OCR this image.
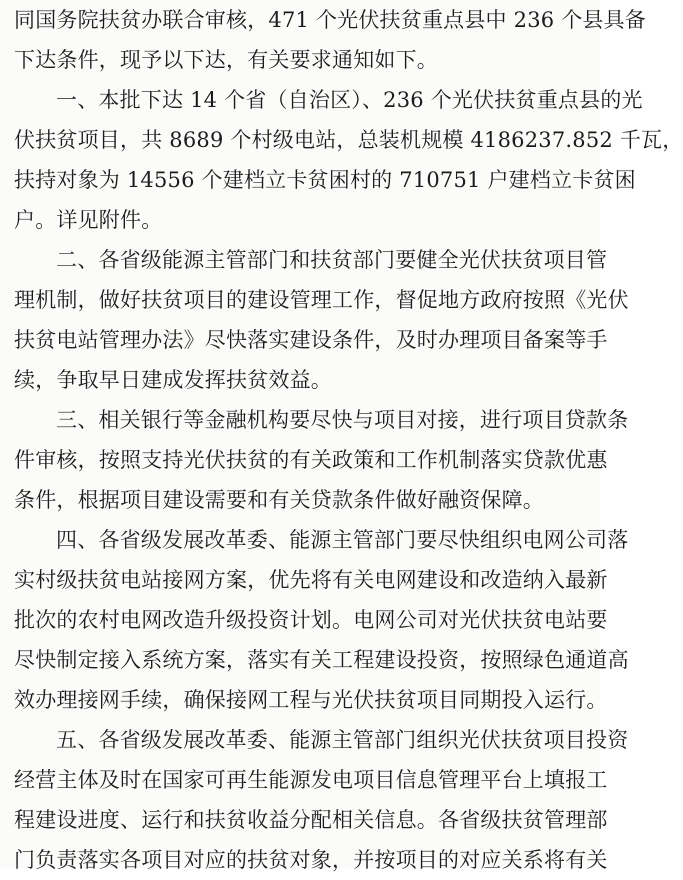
同国务院扶贫办联合审核，471 个光伏扶贫重点县中 236 个县具备
下达条件，现予以下达，有关要求通知如下。
一、本批下达 14 个省（自治区）、236 个光伏扶贫重点县的光
伏扶贫项目，共 8689 个村级电站，总装机规模 4186237.852 千瓦，
扶持对象为 14556 个建档立卡贫困村的 710751 户建档立卡贫困
户。详见附件。
二、各省级能源主管部门和扶贫部门要健全光伏扶贫项目管
理机制，做好扶贫项目的建设管理工作，督促地方政府按照《光伏
扶贫电站管理办法》尽快落实建设条件，及时办理项目备案等手
续，争取早日建成发挥扶贫效益。
三、相关银行等金融机构要尽快与项目对接，进行项目贷款条
件审核，按照支持光伏扶贫的有关政策和工作机制落实贷款优惠
条件，根据项目建设需要和有关贷款条件做好融资保障。
四、各省级发展改革委、能源主管部门要尽快组织电网公司落
实村级扶贫电站接网方案，优先将有关电网建设和改造纳入最新
批次的农村电网改造升级投资计划。电网公司对光伏扶贫电站要
尽快制定接入系统方案，落实有关工程建设投资，按照绿色通道高
效办理接网手续，确保接网工程与光伏扶贫项目同期投入运行。
五、各省级发展改革委、能源主管部门组织光伏扶贫项目投资
经营主体及时在国家可再生能源发电项目信息管理平台上填报工
程建设进度、运行和扶贫收益分配相关信息。各省级扶贫管理部
门负责落实各项目对应的扶贫对象，并按项目的对应关系将有关
